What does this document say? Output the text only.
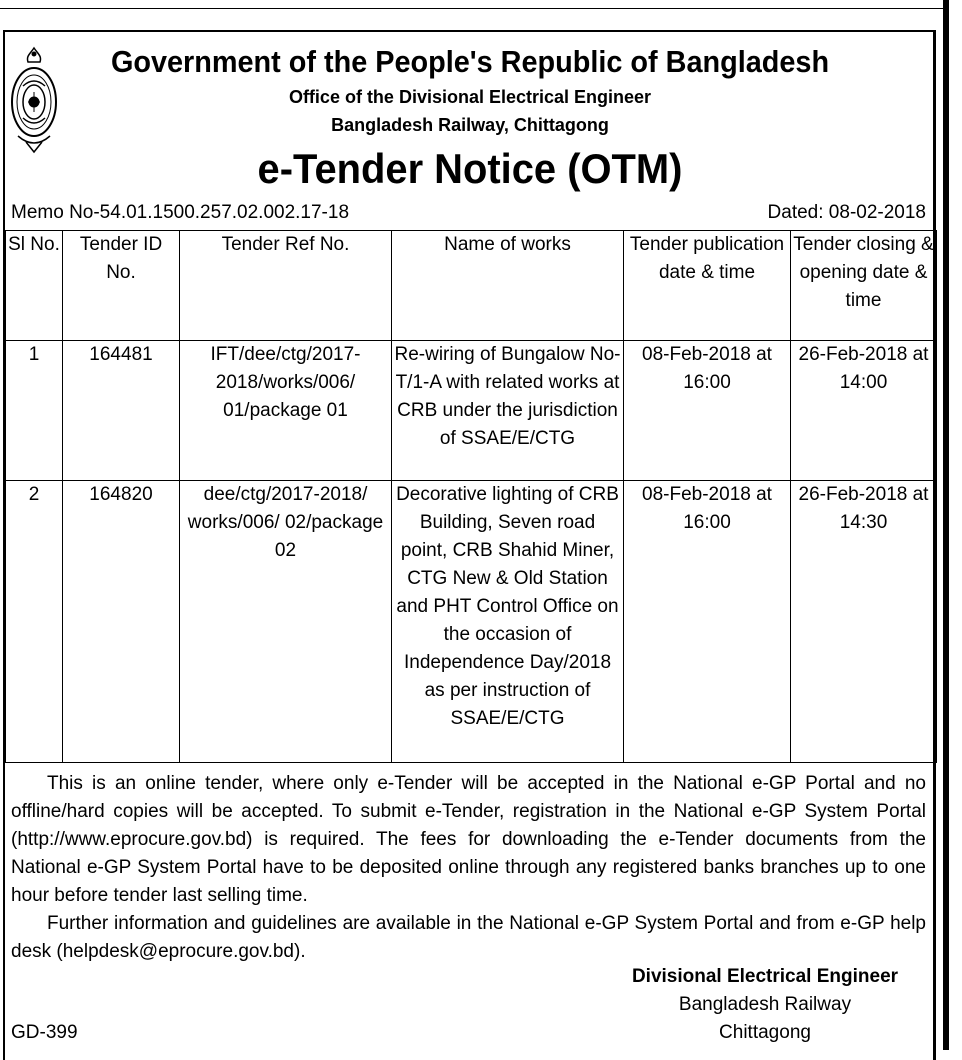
Government of the People's Republic of Bangladesh
Office of the Divisional Electrical Engineer
Bangladesh Railway, Chittagong
e-Tender Notice (OTM)
Memo No-54.01.1500.257.02.002.17-18	Dated: 08-02-2018
Sl No.	Tender ID No.	Tender Ref No.	Name of works	Tender publication date & time	Tender closing & opening date & time
1	164481	IFT/dee/ctg/2017-2018/works/006/ 01/package 01	Re-wiring of Bungalow No- T/1-A with related works at CRB under the jurisdiction of SSAE/E/CTG	08-Feb-2018 at 16:00	26-Feb-2018 at 14:00
2	164820	dee/ctg/2017-2018/ works/006/ 02/package 02	Decorative lighting of CRB Building, Seven road point, CRB Shahid Miner, CTG New & Old Station and PHT Control Office on the occasion of Independence Day/2018 as per instruction of SSAE/E/CTG	08-Feb-2018 at 16:00	26-Feb-2018 at 14:30
This is an online tender, where only e-Tender will be accepted in the National e-GP Portal and no offline/hard copies will be accepted. To submit e-Tender, registration in the National e-GP System Portal (http://www.eprocure.gov.bd) is required. The fees for downloading the e-Tender documents from the National e-GP System Portal have to be deposited online through any registered banks branches up to one hour before tender last selling time.
Further information and guidelines are available in the National e-GP System Portal and from e-GP help desk (helpdesk@eprocure.gov.bd).
Divisional Electrical Engineer
Bangladesh Railway
Chittagong
GD-399
